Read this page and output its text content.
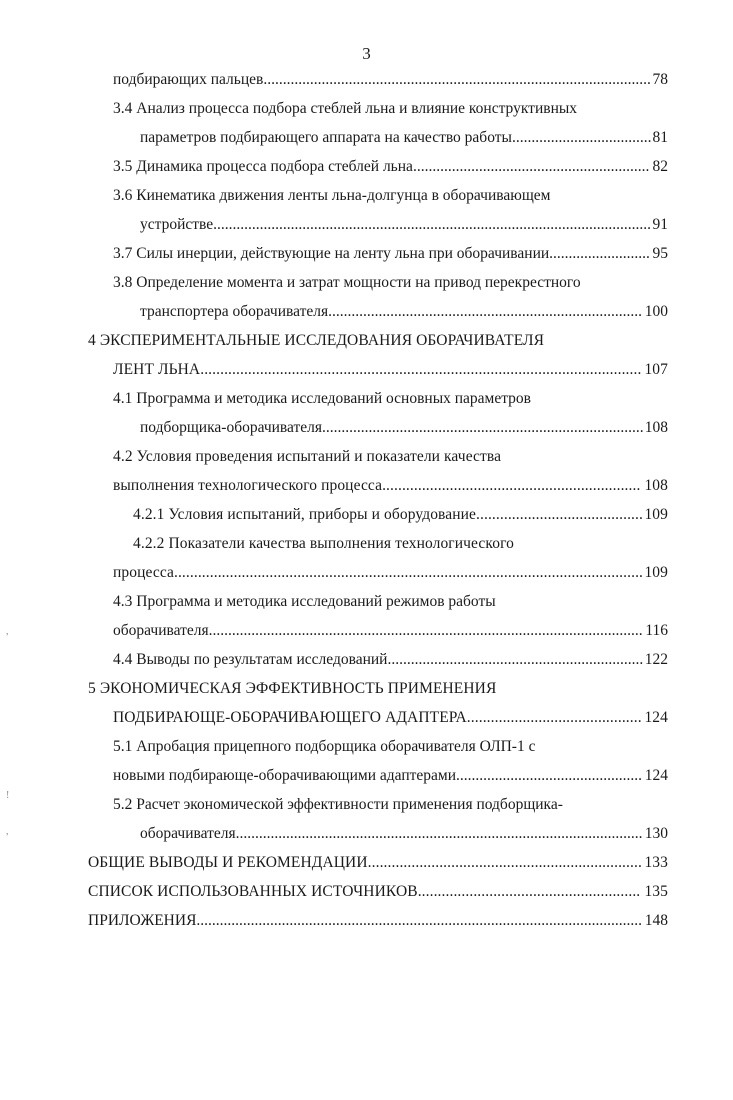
3
подбирающих пальцев.................................................................................................... 78
3.4 Анализ процесса подбора стеблей льна и влияние конструктивных
параметров подбирающего аппарата на качество работы....................................81
3.5 Динамика процесса подбора стеблей льна............................................................. 82
3.6 Кинематика движения ленты льна-долгунца в оборачивающем
устройстве.................................................................................................................91
3.7 Силы инерции, действующие на ленту льна при оборачивании.......................... 95
3.8 Определение момента и затрат мощности на привод перекрестного
транспортера оборачивателя................................................................................. 100
4 ЭКСПЕРИМЕНТАЛЬНЫЕ ИССЛЕДОВАНИЯ ОБОРАЧИВАТЕЛЯ
ЛЕНТ ЛЬНА............................................................................................................... 107
4.1 Программа и методика исследований основных параметров
подборщика-оборачивателя...................................................................................108
4.2 Условия проведения испытаний и показатели качества
выполнения технологического процесса................................................................. 108
4.2.1 Условия испытаний, приборы и оборудование..........................................109
4.2.2 Показатели качества выполнения технологического
процесса......................................................................................................................109
4.3 Программа и методика исследований режимов работы
оборачивателя................................................................................................................ 116
4.4 Выводы по результатам исследований..................................................................122
5 ЭКОНОМИЧЕСКАЯ ЭФФЕКТИВНОСТЬ ПРИМЕНЕНИЯ
ПОДБИРАЮЩЕ-ОБОРАЧИВАЮЩЕГО АДАПТЕРА............................................ 124
5.1 Апробация прицепного подборщика оборачивателя ОЛП-1 с
новыми подбирающе-оборачивающими адаптерами................................................ 124
5.2 Расчет экономической эффективности применения подборщика-
оборачивателя......................................................................................................... 130
ОБЩИЕ ВЫВОДЫ И РЕКОМЕНДАЦИИ..................................................................... 133
СПИСОК ИСПОЛЬЗОВАННЫХ ИСТОЧНИКОВ........................................................ 135
ПРИЛОЖЕНИЯ................................................................................................................... 148
,
!
,
